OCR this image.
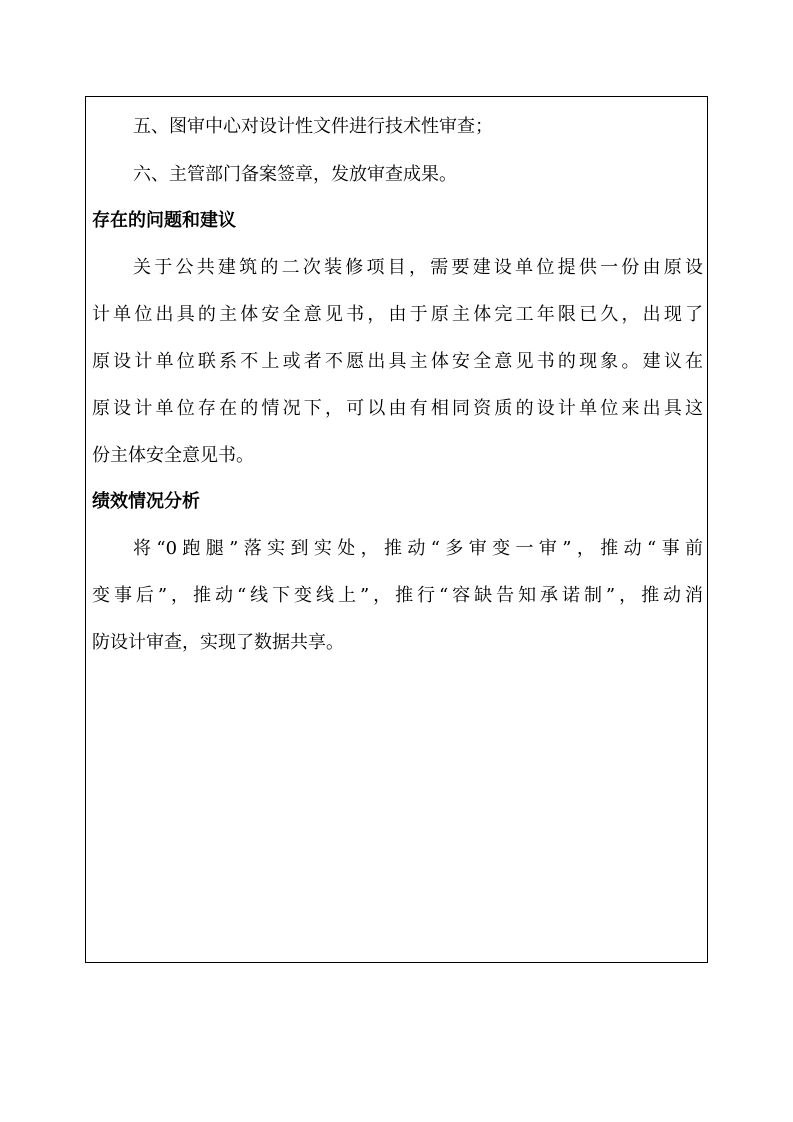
五、图审中心对设计性文件进行技术性审查；
六、主管部门备案签章，发放审查成果。
存在的问题和建议
关于公共建筑的二次装修项目，需要建设单位提供一份由原设
计单位出具的主体安全意见书，由于原主体完工年限已久，出现了
原设计单位联系不上或者不愿出具主体安全意见书的现象。建议在
原设计单位存在的情况下，可以由有相同资质的设计单位来出具这
份主体安全意见书。
绩效情况分析
将“0跑腿”落实到实处，推动“多审变一审”，推动“事前
变事后”，推动“线下变线上”，推行“容缺告知承诺制”，推动消
防设计审查，实现了数据共享。
